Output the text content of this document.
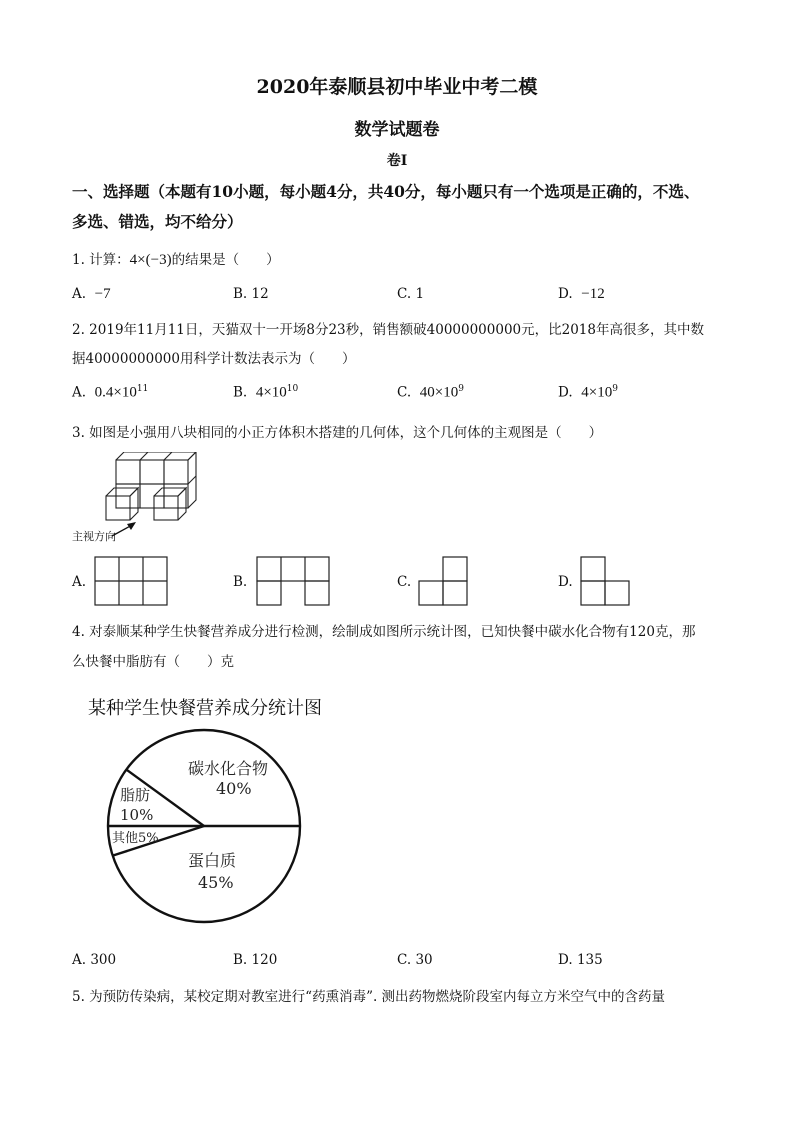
2020年泰顺县初中毕业中考二模
数学试题卷
卷I
一、选择题（本题有10小题，每小题4分，共40分，每小题只有一个选项是正确的，不选、
多选、错选，均不给分）
1. 计算：4×(−3)的结果是（　　）
A. −7	B. 12	C. 1	D. −12
2. 2019年11月11日，天猫双十一开场8分23秒，销售额破40000000000元，比2018年高很多，其中数
据40000000000用科学计数法表示为（　　）
A. $0.4\times 10^{11}$	B. $4\times 10^{10}$	C. $40\times 10^9$	D. $4\times 10^9$
3. 如图是小强用八块相同的小正方体积木搭建的几何体，这个几何体的主观图是（　　）
主视方向
A.	B.	C.	D.
4. 对泰顺某种学生快餐营养成分进行检测，绘制成如图所示统计图，已知快餐中碳水化合物有120克，那
么快餐中脂肪有（　　）克
某种学生快餐营养成分统计图
碳水化合物
40%
脂肪
10%
其他5%
蛋白质
45%
A. 300	B. 120	C. 30	D. 135
5. 为预防传染病，某校定期对教室进行“药熏消毒”. 测出药物燃烧阶段室内每立方米空气中的含药量
